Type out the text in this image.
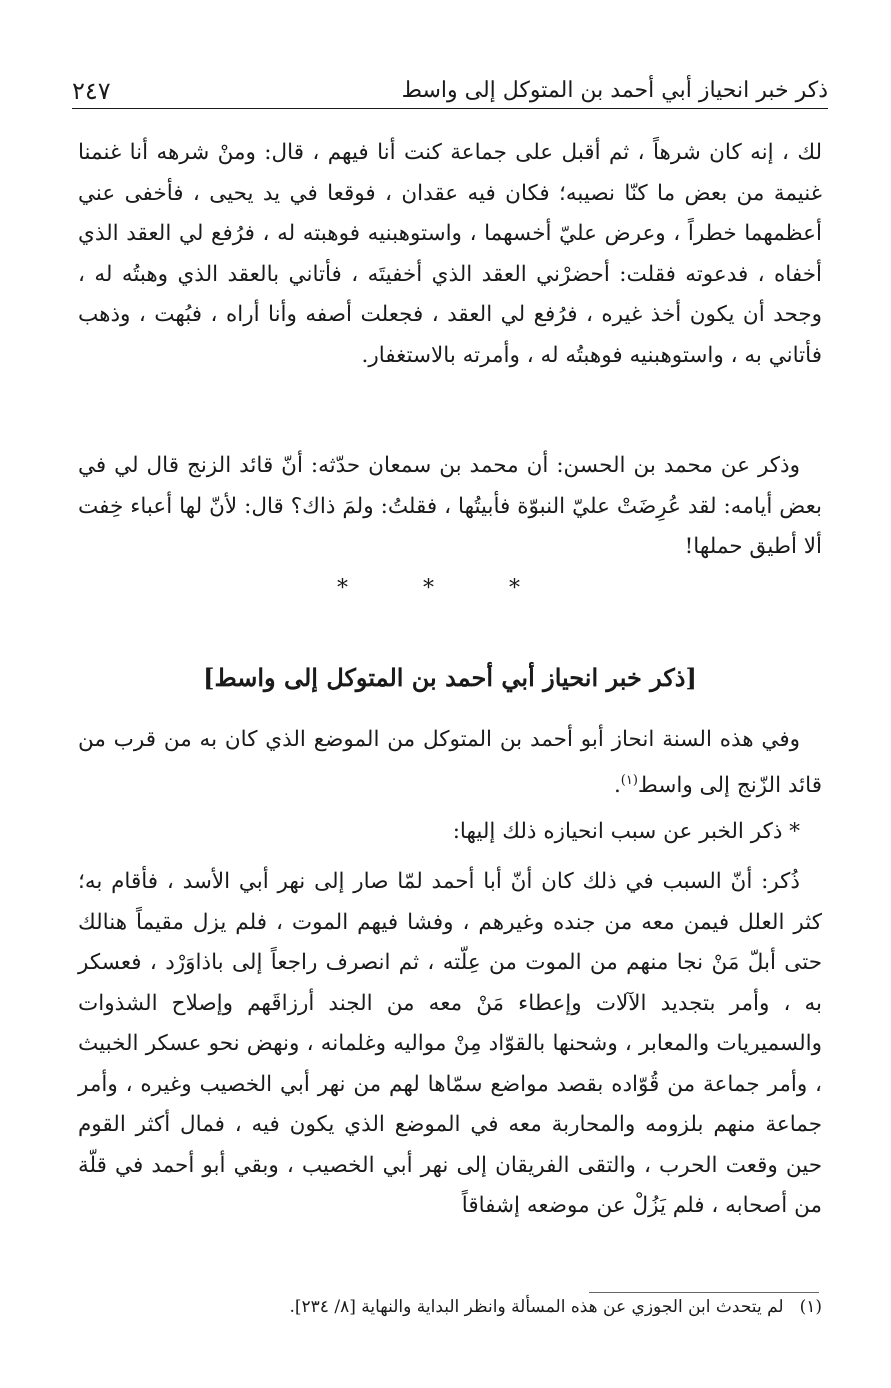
ذكر خبر انحياز أبي أحمد بن المتوكل إلى واسط
٢٤٧

لك ، إنه كان شرهاً ، ثم أقبل على جماعة كنت أنا فيهم ، قال: ومنْ شرهه أنا غنمنا غنيمة من بعض ما كنّا نصيبه؛ فكان فيه عقدان ، فوقعا في يد يحيى ، فأخفى عني أعظمهما خطراً ، وعرض عليّ أخسهما ، واستوهبنيه فوهبته له ، فرُفع لي العقد الذي أخفاه ، فدعوته فقلت: أحضرْني العقد الذي أخفيتَه ، فأتاني بالعقد الذي وهبتُه له ، وجحد أن يكون أخذ غيره ، فرُفع لي العقد ، فجعلت أصفه وأنا أراه ، فبُهت ، وذهب فأتاني به ، واستوهبنيه فوهبتُه له ، وأمرته بالاستغفار.

وذكر عن محمد بن الحسن: أن محمد بن سمعان حدّثه: أنّ قائد الزنج قال لي في بعض أيامه: لقد عُرِضَتْ عليّ النبوّة فأبيتُها ، فقلتُ: ولمَ ذاك؟ قال: لأنّ لها أعباء خِفت ألا أطيق حملها!

* * *
[ذكر خبر انحياز أبي أحمد بن المتوكل إلى واسط]

وفي هذه السنة انحاز أبو أحمد بن المتوكل من الموضع الذي كان به من قرب من قائد الزّنج إلى واسط$^{(١)}$.

* ذكر الخبر عن سبب انحيازه ذلك إليها:

ذُكر: أنّ السبب في ذلك كان أنّ أبا أحمد لمّا صار إلى نهر أبي الأسد ، فأقام به؛ كثر العلل فيمن معه من جنده وغيرهم ، وفشا فيهم الموت ، فلم يزل مقيماً هنالك حتى أبلّ مَنْ نجا منهم من الموت من عِلّته ، ثم انصرف راجعاً إلى باذاوَرْد ، فعسكر به ، وأمر بتجديد الآلات وإعطاء مَنْ معه من الجند أرزاقَهم وإصلاح الشذوات والسميريات والمعابر ، وشحنها بالقوّاد مِنْ مواليه وغلمانه ، ونهض نحو عسكر الخبيث ، وأمر جماعة من قُوّاده بقصد مواضع سمّاها لهم من نهر أبي الخصيب وغيره ، وأمر جماعة منهم بلزومه والمحاربة معه في الموضع الذي يكون فيه ، فمال أكثر القوم حين وقعت الحرب ، والتقى الفريقان إلى نهر أبي الخصيب ، وبقي أبو أحمد في قلّة من أصحابه ، فلم يَزُلْ عن موضعه إشفاقاً

(١)لم يتحدث ابن الجوزي عن هذه المسألة وانظر البداية والنهاية [٨/ ٢٣٤].
